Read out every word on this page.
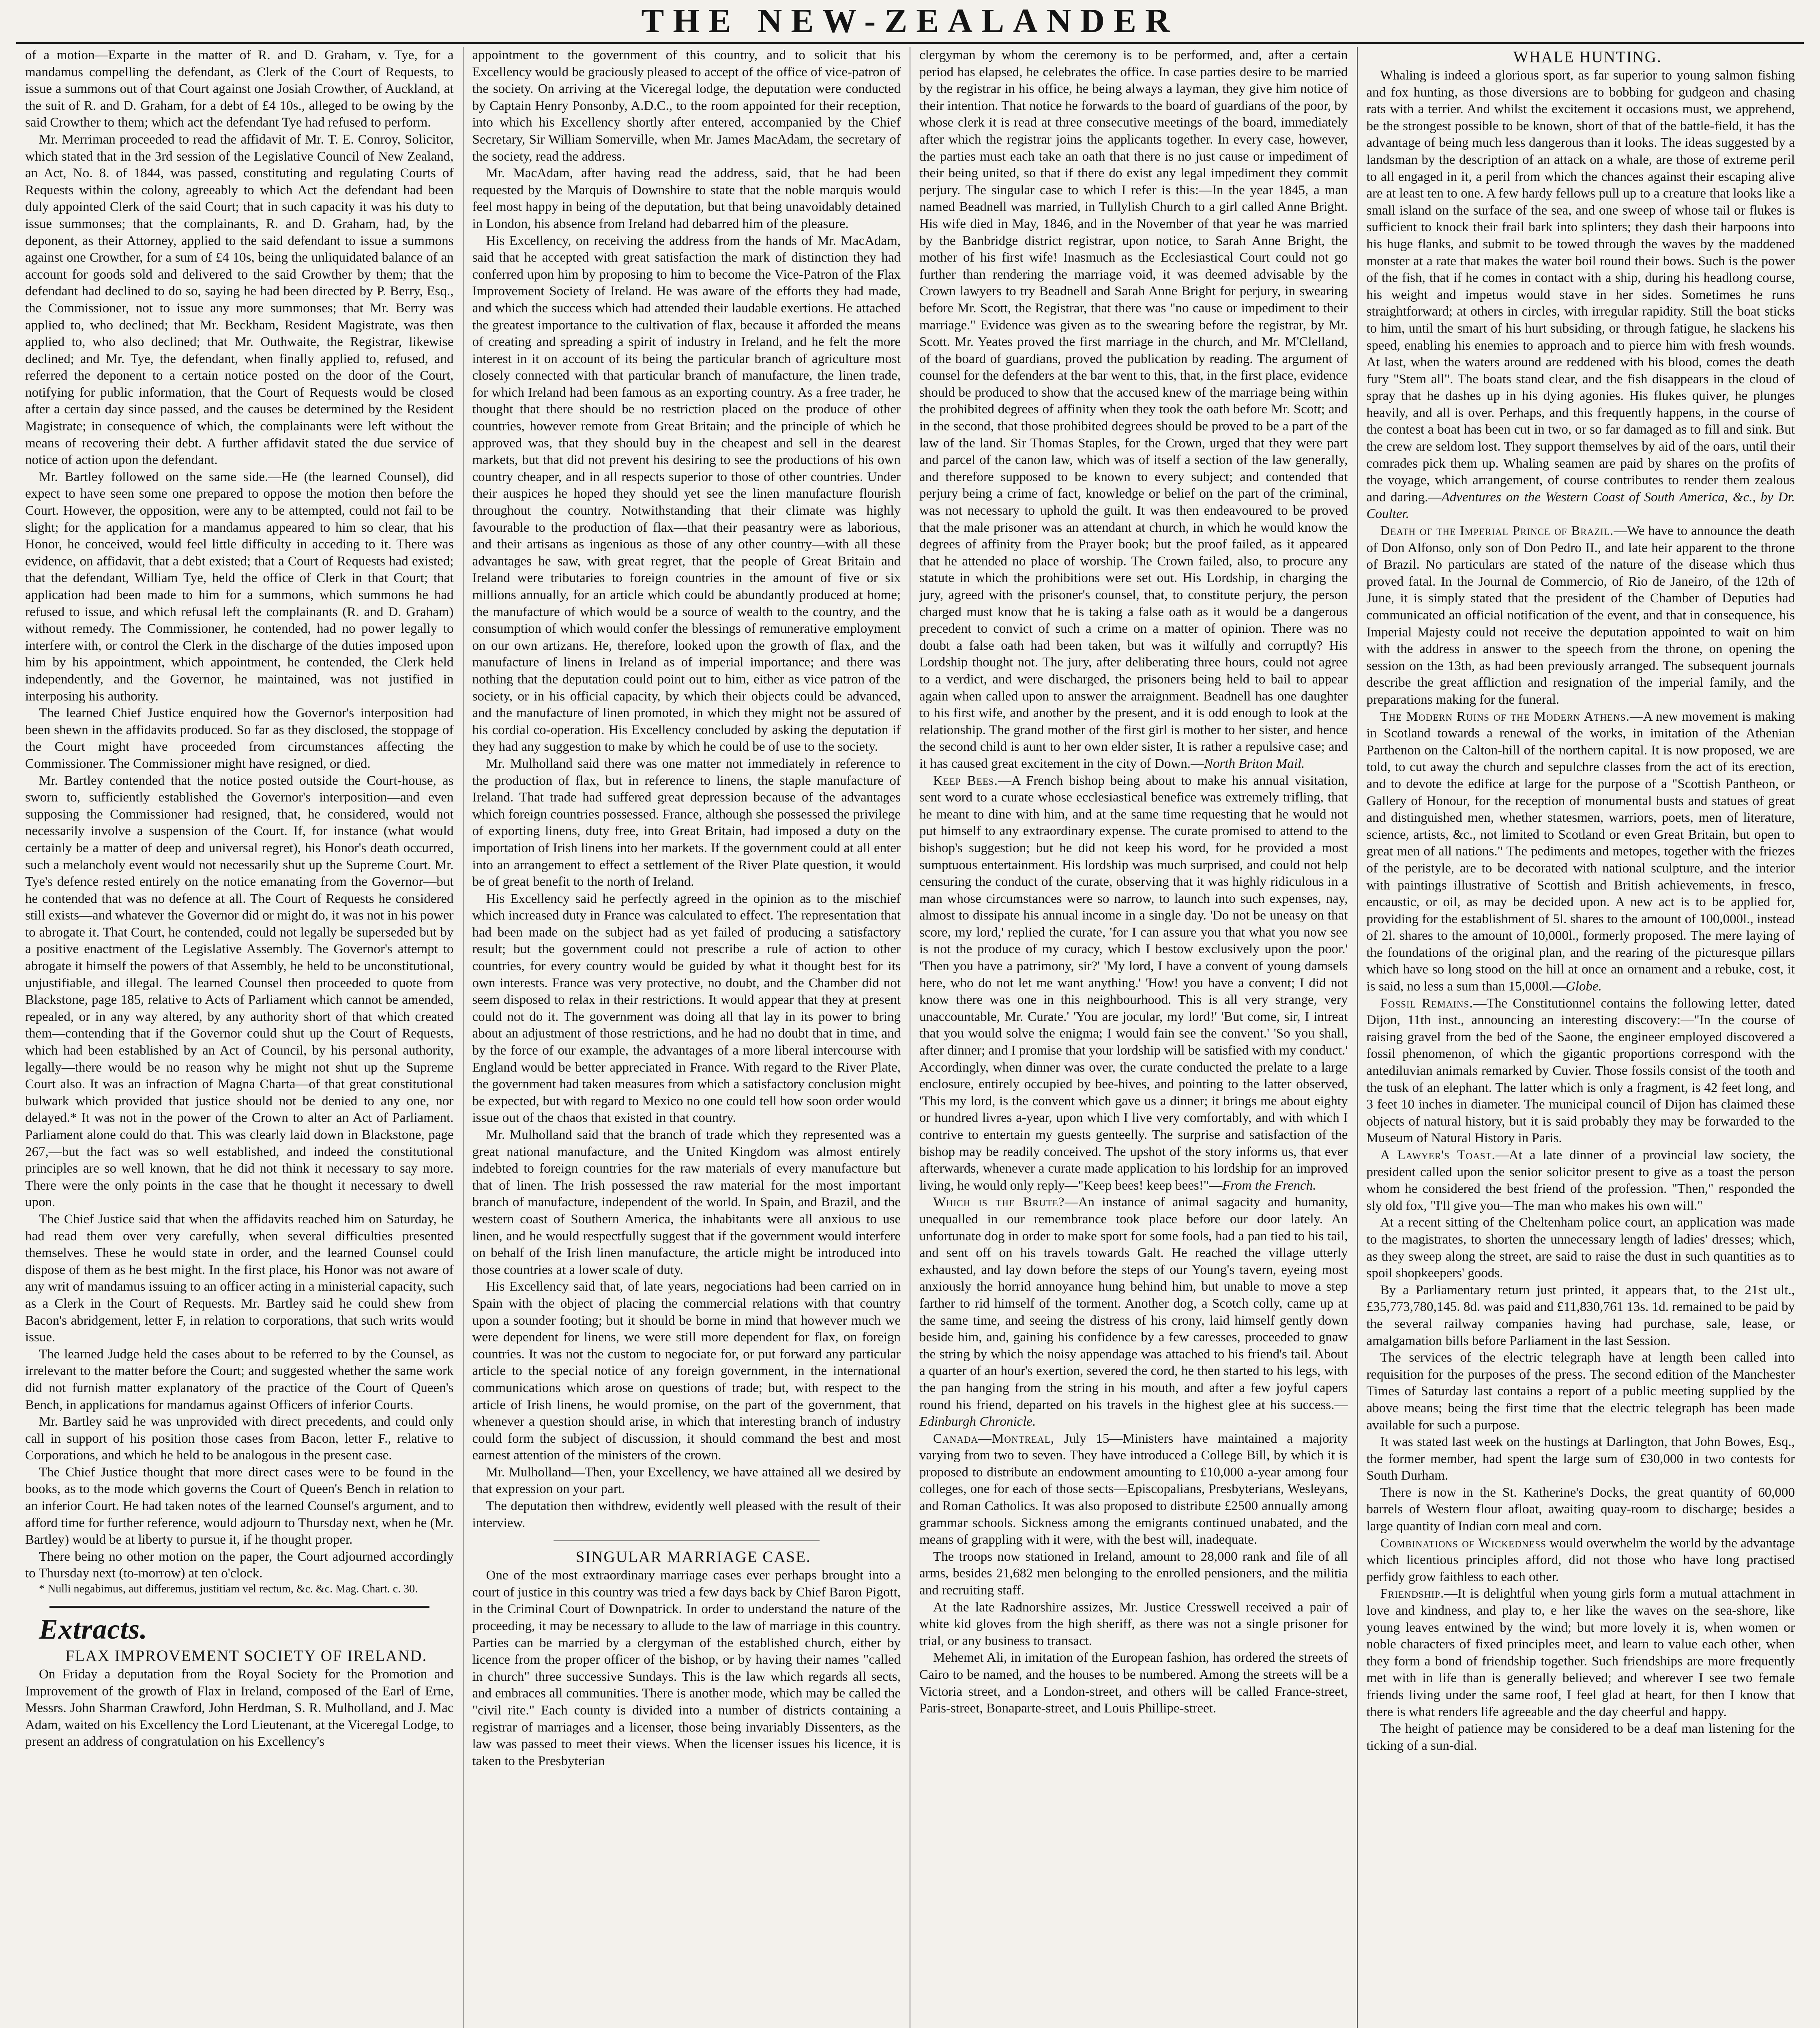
THE NEW-ZEALANDER

of a motion—Exparte in the matter of R. and D. Graham, v. Tye, for a mandamus compelling the defendant, as Clerk of the Court of Requests, to issue a summons out of that Court against one Josiah Crowther, of Auckland, at the suit of R. and D. Graham, for a debt of £4 10s., alleged to be owing by the said Crowther to them; which act the defendant Tye had refused to perform.

Mr. Merriman proceeded to read the affidavit of Mr. T. E. Conroy, Solicitor, which stated that in the 3rd session of the Legislative Council of New Zealand, an Act, No. 8. of 1844, was passed, constituting and regulating Courts of Requests within the colony, agreeably to which Act the defendant had been duly appointed Clerk of the said Court; that in such capacity it was his duty to issue summonses; that the complainants, R. and D. Graham, had, by the deponent, as their Attorney, applied to the said defendant to issue a summons against one Crowther, for a sum of £4 10s, being the unliquidated balance of an account for goods sold and delivered to the said Crowther by them; that the defendant had declined to do so, saying he had been directed by P. Berry, Esq., the Commissioner, not to issue any more summonses; that Mr. Berry was applied to, who declined; that Mr. Beckham, Resident Magistrate, was then applied to, who also declined; that Mr. Outhwaite, the Registrar, likewise declined; and Mr. Tye, the defendant, when finally applied to, refused, and referred the deponent to a certain notice posted on the door of the Court, notifying for public information, that the Court of Requests would be closed after a certain day since passed, and the causes be determined by the Resident Magistrate; in consequence of which, the complainants were left without the means of recovering their debt. A further affidavit stated the due service of notice of action upon the defendant.

Mr. Bartley followed on the same side.—He (the learned Counsel), did expect to have seen some one prepared to oppose the motion then before the Court. However, the opposition, were any to be attempted, could not fail to be slight; for the application for a mandamus appeared to him so clear, that his Honor, he conceived, would feel little difficulty in acceding to it. There was evidence, on affidavit, that a debt existed; that a Court of Requests had existed; that the defendant, William Tye, held the office of Clerk in that Court; that application had been made to him for a summons, which summons he had refused to issue, and which refusal left the complainants (R. and D. Graham) without remedy. The Commissioner, he contended, had no power legally to interfere with, or control the Clerk in the discharge of the duties imposed upon him by his appointment, which appointment, he contended, the Clerk held independently, and the Governor, he maintained, was not justified in interposing his authority.

The learned Chief Justice enquired how the Governor's interposition had been shewn in the affidavits produced. So far as they disclosed, the stoppage of the Court might have proceeded from circumstances affecting the Commissioner. The Commissioner might have resigned, or died.

Mr. Bartley contended that the notice posted outside the Court-house, as sworn to, sufficiently established the Governor's interposition—and even supposing the Commissioner had resigned, that, he considered, would not necessarily involve a suspension of the Court. If, for instance (what would certainly be a matter of deep and universal regret), his Honor's death occurred, such a melancholy event would not necessarily shut up the Supreme Court. Mr. Tye's defence rested entirely on the notice emanating from the Governor—but he contended that was no defence at all. The Court of Requests he considered still exists—and whatever the Governor did or might do, it was not in his power to abrogate it. That Court, he contended, could not legally be superseded but by a positive enactment of the Legislative Assembly. The Governor's attempt to abrogate it himself the powers of that Assembly, he held to be unconstitutional, unjustifiable, and illegal. The learned Counsel then proceeded to quote from Blackstone, page 185, relative to Acts of Parliament which cannot be amended, repealed, or in any way altered, by any authority short of that which created them—contending that if the Governor could shut up the Court of Requests, which had been established by an Act of Council, by his personal authority, legally—there would be no reason why he might not shut up the Supreme Court also. It was an infraction of Magna Charta—of that great constitutional bulwark which provided that justice should not be denied to any one, nor delayed.* It was not in the power of the Crown to alter an Act of Parliament. Parliament alone could do that. This was clearly laid down in Blackstone, page 267,—but the fact was so well established, and indeed the constitutional principles are so well known, that he did not think it necessary to say more. There were the only points in the case that he thought it necessary to dwell upon.

The Chief Justice said that when the affidavits reached him on Saturday, he had read them over very carefully, when several difficulties presented themselves. These he would state in order, and the learned Counsel could dispose of them as he best might. In the first place, his Honor was not aware of any writ of mandamus issuing to an officer acting in a ministerial capacity, such as a Clerk in the Court of Requests. Mr. Bartley said he could shew from Bacon's abridgement, letter F, in relation to corporations, that such writs would issue.

The learned Judge held the cases about to be referred to by the Counsel, as irrelevant to the matter before the Court; and suggested whether the same work did not furnish matter explanatory of the practice of the Court of Queen's Bench, in applications for mandamus against Officers of inferior Courts.

Mr. Bartley said he was unprovided with direct precedents, and could only call in support of his position those cases from Bacon, letter F., relative to Corporations, and which he held to be analogous in the present case.

The Chief Justice thought that more direct cases were to be found in the books, as to the mode which governs the Court of Queen's Bench in relation to an inferior Court. He had taken notes of the learned Counsel's argument, and to afford time for further reference, would adjourn to Thursday next, when he (Mr. Bartley) would be at liberty to pursue it, if he thought proper.

There being no other motion on the paper, the Court adjourned accordingly to Thursday next (to-morrow) at ten o'clock.

* Nulli negabimus, aut differemus, justitiam vel rectum, &c. &c. Mag. Chart. c. 30.

Extracts.

FLAX IMPROVEMENT SOCIETY OF IRELAND.

On Friday a deputation from the Royal Society for the Promotion and Improvement of the growth of Flax in Ireland, composed of the Earl of Erne, Messrs. John Sharman Crawford, John Herdman, S. R. Mulholland, and J. Mac Adam, waited on his Excellency the Lord Lieutenant, at the Viceregal Lodge, to present an address of congratulation on his Excellency's

appointment to the government of this country, and to solicit that his Excellency would be graciously pleased to accept of the office of vice-patron of the society. On arriving at the Viceregal lodge, the deputation were conducted by Captain Henry Ponsonby, A.D.C., to the room appointed for their reception, into which his Excellency shortly after entered, accompanied by the Chief Secretary, Sir William Somerville, when Mr. James MacAdam, the secretary of the society, read the address.

Mr. MacAdam, after having read the address, said, that he had been requested by the Marquis of Downshire to state that the noble marquis would feel most happy in being of the deputation, but that being unavoidably detained in London, his absence from Ireland had debarred him of the pleasure.

His Excellency, on receiving the address from the hands of Mr. MacAdam, said that he accepted with great satisfaction the mark of distinction they had conferred upon him by proposing to him to become the Vice-Patron of the Flax Improvement Society of Ireland. He was aware of the efforts they had made, and which the success which had attended their laudable exertions. He attached the greatest importance to the cultivation of flax, because it afforded the means of creating and spreading a spirit of industry in Ireland, and he felt the more interest in it on account of its being the particular branch of agriculture most closely connected with that particular branch of manufacture, the linen trade, for which Ireland had been famous as an exporting country. As a free trader, he thought that there should be no restriction placed on the produce of other countries, however remote from Great Britain; and the principle of which he approved was, that they should buy in the cheapest and sell in the dearest markets, but that did not prevent his desiring to see the productions of his own country cheaper, and in all respects superior to those of other countries. Under their auspices he hoped they should yet see the linen manufacture flourish throughout the country. Notwithstanding that their climate was highly favourable to the production of flax—that their peasantry were as laborious, and their artisans as ingenious as those of any other country—with all these advantages he saw, with great regret, that the people of Great Britain and Ireland were tributaries to foreign countries in the amount of five or six millions annually, for an article which could be abundantly produced at home; the manufacture of which would be a source of wealth to the country, and the consumption of which would confer the blessings of remunerative employment on our own artizans. He, therefore, looked upon the growth of flax, and the manufacture of linens in Ireland as of imperial importance; and there was nothing that the deputation could point out to him, either as vice patron of the society, or in his official capacity, by which their objects could be advanced, and the manufacture of linen promoted, in which they might not be assured of his cordial co-operation. His Excellency concluded by asking the deputation if they had any suggestion to make by which he could be of use to the society.

Mr. Mulholland said there was one matter not immediately in reference to the production of flax, but in reference to linens, the staple manufacture of Ireland. That trade had suffered great depression because of the advantages which foreign countries possessed. France, although she possessed the privilege of exporting linens, duty free, into Great Britain, had imposed a duty on the importation of Irish linens into her markets. If the government could at all enter into an arrangement to effect a settlement of the River Plate question, it would be of great benefit to the north of Ireland.

His Excellency said he perfectly agreed in the opinion as to the mischief which increased duty in France was calculated to effect. The representation that had been made on the subject had as yet failed of producing a satisfactory result; but the government could not prescribe a rule of action to other countries, for every country would be guided by what it thought best for its own interests. France was very protective, no doubt, and the Chamber did not seem disposed to relax in their restrictions. It would appear that they at present could not do it. The government was doing all that lay in its power to bring about an adjustment of those restrictions, and he had no doubt that in time, and by the force of our example, the advantages of a more liberal intercourse with England would be better appreciated in France. With regard to the River Plate, the government had taken measures from which a satisfactory conclusion might be expected, but with regard to Mexico no one could tell how soon order would issue out of the chaos that existed in that country.

Mr. Mulholland said that the branch of trade which they represented was a great national manufacture, and the United Kingdom was almost entirely indebted to foreign countries for the raw materials of every manufacture but that of linen. The Irish possessed the raw material for the most important branch of manufacture, independent of the world. In Spain, and Brazil, and the western coast of Southern America, the inhabitants were all anxious to use linen, and he would respectfully suggest that if the government would interfere on behalf of the Irish linen manufacture, the article might be introduced into those countries at a lower scale of duty.

His Excellency said that, of late years, negociations had been carried on in Spain with the object of placing the commercial relations with that country upon a sounder footing; but it should be borne in mind that however much we were dependent for linens, we were still more dependent for flax, on foreign countries. It was not the custom to negociate for, or put forward any particular article to the special notice of any foreign government, in the international communications which arose on questions of trade; but, with respect to the article of Irish linens, he would promise, on the part of the government, that whenever a question should arise, in which that interesting branch of industry could form the subject of discussion, it should command the best and most earnest attention of the ministers of the crown.

Mr. Mulholland—Then, your Excellency, we have attained all we desired by that expression on your part.

The deputation then withdrew, evidently well pleased with the result of their interview.

SINGULAR MARRIAGE CASE.

One of the most extraordinary marriage cases ever perhaps brought into a court of justice in this country was tried a few days back by Chief Baron Pigott, in the Criminal Court of Downpatrick. In order to understand the nature of the proceeding, it may be necessary to allude to the law of marriage in this country. Parties can be married by a clergyman of the established church, either by licence from the proper officer of the bishop, or by having their names "called in church" three successive Sundays. This is the law which regards all sects, and embraces all communities. There is another mode, which may be called the "civil rite." Each county is divided into a number of districts containing a registrar of marriages and a licenser, those being invariably Dissenters, as the law was passed to meet their views. When the licenser issues his licence, it is taken to the Presbyterian

clergyman by whom the ceremony is to be performed, and, after a certain period has elapsed, he celebrates the office. In case parties desire to be married by the registrar in his office, he being always a layman, they give him notice of their intention. That notice he forwards to the board of guardians of the poor, by whose clerk it is read at three consecutive meetings of the board, immediately after which the registrar joins the applicants together. In every case, however, the parties must each take an oath that there is no just cause or impediment of their being united, so that if there do exist any legal impediment they commit perjury. The singular case to which I refer is this:—In the year 1845, a man named Beadnell was married, in Tullylish Church to a girl called Anne Bright. His wife died in May, 1846, and in the November of that year he was married by the Banbridge district registrar, upon notice, to Sarah Anne Bright, the mother of his first wife! Inasmuch as the Ecclesiastical Court could not go further than rendering the marriage void, it was deemed advisable by the Crown lawyers to try Beadnell and Sarah Anne Bright for perjury, in swearing before Mr. Scott, the Registrar, that there was "no cause or impediment to their marriage." Evidence was given as to the swearing before the registrar, by Mr. Scott. Mr. Yeates proved the first marriage in the church, and Mr. M'Clelland, of the board of guardians, proved the publication by reading. The argument of counsel for the defenders at the bar went to this, that, in the first place, evidence should be produced to show that the accused knew of the marriage being within the prohibited degrees of affinity when they took the oath before Mr. Scott; and in the second, that those prohibited degrees should be proved to be a part of the law of the land. Sir Thomas Staples, for the Crown, urged that they were part and parcel of the canon law, which was of itself a section of the law generally, and therefore supposed to be known to every subject; and contended that perjury being a crime of fact, knowledge or belief on the part of the criminal, was not necessary to uphold the guilt. It was then endeavoured to be proved that the male prisoner was an attendant at church, in which he would know the degrees of affinity from the Prayer book; but the proof failed, as it appeared that he attended no place of worship. The Crown failed, also, to procure any statute in which the prohibitions were set out. His Lordship, in charging the jury, agreed with the prisoner's counsel, that, to constitute perjury, the person charged must know that he is taking a false oath as it would be a dangerous precedent to convict of such a crime on a matter of opinion. There was no doubt a false oath had been taken, but was it wilfully and corruptly? His Lordship thought not. The jury, after deliberating three hours, could not agree to a verdict, and were discharged, the prisoners being held to bail to appear again when called upon to answer the arraignment. Beadnell has one daughter to his first wife, and another by the present, and it is odd enough to look at the relationship. The grand mother of the first girl is mother to her sister, and hence the second child is aunt to her own elder sister, It is rather a repulsive case; and it has caused great excitement in the city of Down.—North Briton Mail.

Keep Bees.—A French bishop being about to make his annual visitation, sent word to a curate whose ecclesiastical benefice was extremely trifling, that he meant to dine with him, and at the same time requesting that he would not put himself to any extraordinary expense. The curate promised to attend to the bishop's suggestion; but he did not keep his word, for he provided a most sumptuous entertainment. His lordship was much surprised, and could not help censuring the conduct of the curate, observing that it was highly ridiculous in a man whose circumstances were so narrow, to launch into such expenses, nay, almost to dissipate his annual income in a single day. 'Do not be uneasy on that score, my lord,' replied the curate, 'for I can assure you that what you now see is not the produce of my curacy, which I bestow exclusively upon the poor.' 'Then you have a patrimony, sir?' 'My lord, I have a convent of young damsels here, who do not let me want anything.' 'How! you have a convent; I did not know there was one in this neighbourhood. This is all very strange, very unaccountable, Mr. Curate.' 'You are jocular, my lord!' 'But come, sir, I intreat that you would solve the enigma; I would fain see the convent.' 'So you shall, after dinner; and I promise that your lordship will be satisfied with my conduct.' Accordingly, when dinner was over, the curate conducted the prelate to a large enclosure, entirely occupied by bee-hives, and pointing to the latter observed, 'This my lord, is the convent which gave us a dinner; it brings me about eighty or hundred livres a-year, upon which I live very comfortably, and with which I contrive to entertain my guests genteelly. The surprise and satisfaction of the bishop may be readily conceived. The upshot of the story informs us, that ever afterwards, whenever a curate made application to his lordship for an improved living, he would only reply—"Keep bees! keep bees!"—From the French.

Which is the Brute?—An instance of animal sagacity and humanity, unequalled in our remembrance took place before our door lately. An unfortunate dog in order to make sport for some fools, had a pan tied to his tail, and sent off on his travels towards Galt. He reached the village utterly exhausted, and lay down before the steps of our Young's tavern, eyeing most anxiously the horrid annoyance hung behind him, but unable to move a step farther to rid himself of the torment. Another dog, a Scotch colly, came up at the same time, and seeing the distress of his crony, laid himself gently down beside him, and, gaining his confidence by a few caresses, proceeded to gnaw the string by which the noisy appendage was attached to his friend's tail. About a quarter of an hour's exertion, severed the cord, he then started to his legs, with the pan hanging from the string in his mouth, and after a few joyful capers round his friend, departed on his travels in the highest glee at his success.—Edinburgh Chronicle.

Canada—Montreal, July 15—Ministers have maintained a majority varying from two to seven. They have introduced a College Bill, by which it is proposed to distribute an endowment amounting to £10,000 a-year among four colleges, one for each of those sects—Episcopalians, Presbyterians, Wesleyans, and Roman Catholics. It was also proposed to distribute £2500 annually among grammar schools. Sickness among the emigrants continued unabated, and the means of grappling with it were, with the best will, inadequate.

The troops now stationed in Ireland, amount to 28,000 rank and file of all arms, besides 21,682 men belonging to the enrolled pensioners, and the militia and recruiting staff.

At the late Radnorshire assizes, Mr. Justice Cresswell received a pair of white kid gloves from the high sheriff, as there was not a single prisoner for trial, or any business to transact.

Mehemet Ali, in imitation of the European fashion, has ordered the streets of Cairo to be named, and the houses to be numbered. Among the streets will be a Victoria street, and a London-street, and others will be called France-street, Paris-street, Bonaparte-street, and Louis Phillipe-street.

WHALE HUNTING.

Whaling is indeed a glorious sport, as far superior to young salmon fishing and fox hunting, as those diversions are to bobbing for gudgeon and chasing rats with a terrier. And whilst the excitement it occasions must, we apprehend, be the strongest possible to be known, short of that of the battle-field, it has the advantage of being much less dangerous than it looks. The ideas suggested by a landsman by the description of an attack on a whale, are those of extreme peril to all engaged in it, a peril from which the chances against their escaping alive are at least ten to one. A few hardy fellows pull up to a creature that looks like a small island on the surface of the sea, and one sweep of whose tail or flukes is sufficient to knock their frail bark into splinters; they dash their harpoons into his huge flanks, and submit to be towed through the waves by the maddened monster at a rate that makes the water boil round their bows. Such is the power of the fish, that if he comes in contact with a ship, during his headlong course, his weight and impetus would stave in her sides. Sometimes he runs straightforward; at others in circles, with irregular rapidity. Still the boat sticks to him, until the smart of his hurt subsiding, or through fatigue, he slackens his speed, enabling his enemies to approach and to pierce him with fresh wounds. At last, when the waters around are reddened with his blood, comes the death fury "Stem all". The boats stand clear, and the fish disappears in the cloud of spray that he dashes up in his dying agonies. His flukes quiver, he plunges heavily, and all is over. Perhaps, and this frequently happens, in the course of the contest a boat has been cut in two, or so far damaged as to fill and sink. But the crew are seldom lost. They support themselves by aid of the oars, until their comrades pick them up. Whaling seamen are paid by shares on the profits of the voyage, which arrangement, of course contributes to render them zealous and daring.—Adventures on the Western Coast of South America, &c., by Dr. Coulter.

Death of the Imperial Prince of Brazil.—We have to announce the death of Don Alfonso, only son of Don Pedro II., and late heir apparent to the throne of Brazil. No particulars are stated of the nature of the disease which thus proved fatal. In the Journal de Commercio, of Rio de Janeiro, of the 12th of June, it is simply stated that the president of the Chamber of Deputies had communicated an official notification of the event, and that in consequence, his Imperial Majesty could not receive the deputation appointed to wait on him with the address in answer to the speech from the throne, on opening the session on the 13th, as had been previously arranged. The subsequent journals describe the great affliction and resignation of the imperial family, and the preparations making for the funeral.

The Modern Ruins of the Modern Athens.—A new movement is making in Scotland towards a renewal of the works, in imitation of the Athenian Parthenon on the Calton-hill of the northern capital. It is now proposed, we are told, to cut away the church and sepulchre classes from the act of its erection, and to devote the edifice at large for the purpose of a "Scottish Pantheon, or Gallery of Honour, for the reception of monumental busts and statues of great and distinguished men, whether statesmen, warriors, poets, men of literature, science, artists, &c., not limited to Scotland or even Great Britain, but open to great men of all nations." The pediments and metopes, together with the friezes of the peristyle, are to be decorated with national sculpture, and the interior with paintings illustrative of Scottish and British achievements, in fresco, encaustic, or oil, as may be decided upon. A new act is to be applied for, providing for the establishment of 5l. shares to the amount of 100,000l., instead of 2l. shares to the amount of 10,000l., formerly proposed. The mere laying of the foundations of the original plan, and the rearing of the picturesque pillars which have so long stood on the hill at once an ornament and a rebuke, cost, it is said, no less a sum than 15,000l.—Globe.

Fossil Remains.—The Constitutionnel contains the following letter, dated Dijon, 11th inst., announcing an interesting discovery:—"In the course of raising gravel from the bed of the Saone, the engineer employed discovered a fossil phenomenon, of which the gigantic proportions correspond with the antediluvian animals remarked by Cuvier. Those fossils consist of the tooth and the tusk of an elephant. The latter which is only a fragment, is 42 feet long, and 3 feet 10 inches in diameter. The municipal council of Dijon has claimed these objects of natural history, but it is said probably they may be forwarded to the Museum of Natural History in Paris.

A Lawyer's Toast.—At a late dinner of a provincial law society, the president called upon the senior solicitor present to give as a toast the person whom he considered the best friend of the profession. "Then," responded the sly old fox, "I'll give you—The man who makes his own will."

At a recent sitting of the Cheltenham police court, an application was made to the magistrates, to shorten the unnecessary length of ladies' dresses; which, as they sweep along the street, are said to raise the dust in such quantities as to spoil shopkeepers' goods.

By a Parliamentary return just printed, it appears that, to the 21st ult., £35,773,780,145. 8d. was paid and £11,830,761 13s. 1d. remained to be paid by the several railway companies having had purchase, sale, lease, or amalgamation bills before Parliament in the last Session.

The services of the electric telegraph have at length been called into requisition for the purposes of the press. The second edition of the Manchester Times of Saturday last contains a report of a public meeting supplied by the above means; being the first time that the electric telegraph has been made available for such a purpose.

It was stated last week on the hustings at Darlington, that John Bowes, Esq., the former member, had spent the large sum of £30,000 in two contests for South Durham.

There is now in the St. Katherine's Docks, the great quantity of 60,000 barrels of Western flour afloat, awaiting quay-room to discharge; besides a large quantity of Indian corn meal and corn.

Combinations of Wickedness would overwhelm the world by the advantage which licentious principles afford, did not those who have long practised perfidy grow faithless to each other.

Friendship.—It is delightful when young girls form a mutual attachment in love and kindness, and play to, e her like the waves on the sea-shore, like young leaves entwined by the wind; but more lovely it is, when women or noble characters of fixed principles meet, and learn to value each other, when they form a bond of friendship together. Such friendships are more frequently met with in life than is generally believed; and wherever I see two female friends living under the same roof, I feel glad at heart, for then I know that there is what renders life agreeable and the day cheerful and happy.

The height of patience may be considered to be a deaf man listening for the ticking of a sun-dial.
